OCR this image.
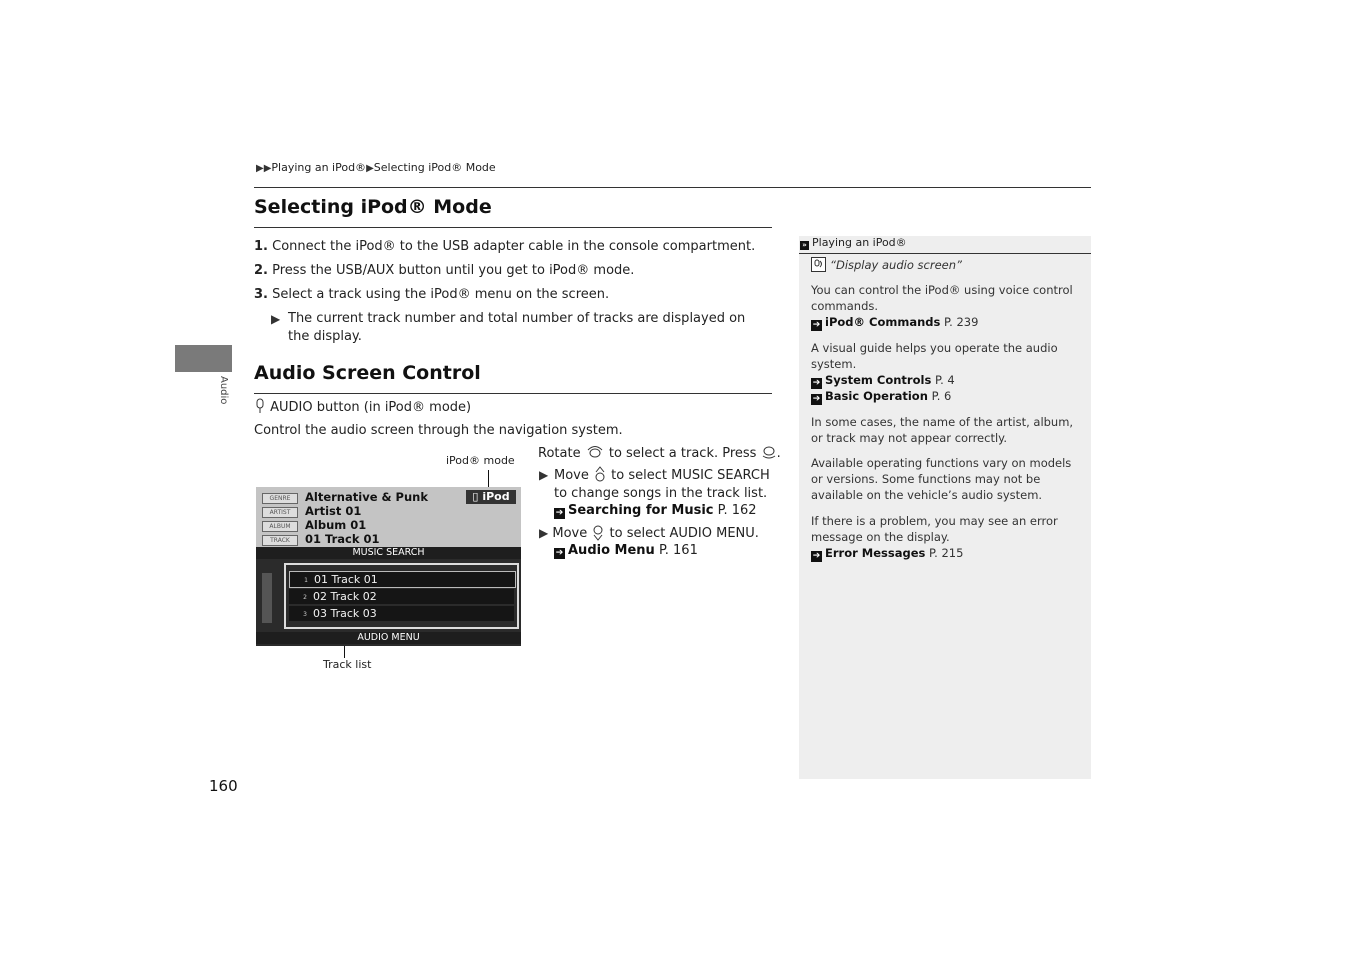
▶▶Playing an iPod®▶Selecting iPod® Mode
Audio
Selecting iPod® Mode
1. Connect the iPod® to the USB adapter cable in the console compartment.
2. Press the USB/AUX button until you get to iPod® mode.
3. Select a track using the iPod® menu on the screen.
▶ The current track number and total number of tracks are displayed on the display.
Audio Screen Control
AUDIO button (in iPod® mode)
Control the audio screen through the navigation system.
Rotate to select a track. Press .
▶ Move to select MUSIC SEARCH to change songs in the track list.
➔ Searching for Music P. 162
▶ Move to select AUDIO MENU.
➔ Audio Menu P. 161
iPod® mode
Track list
GENRE Alternative & Punk
ARTIST Artist 01
ALBUM Album 01
TRACK 01 Track 01
▯ iPod
MUSIC SEARCH
1 01 Track 01
2 02 Track 02
3 03 Track 03
AUDIO MENU
160
» Playing an iPod®
“Display audio screen”
You can control the iPod® using voice control commands.
➔ iPod® Commands P. 239
A visual guide helps you operate the audio system.
➔ System Controls P. 4
➔ Basic Operation P. 6
In some cases, the name of the artist, album, or track may not appear correctly.
Available operating functions vary on models or versions. Some functions may not be available on the vehicle’s audio system.
If there is a problem, you may see an error message on the display.
➔ Error Messages P. 215
